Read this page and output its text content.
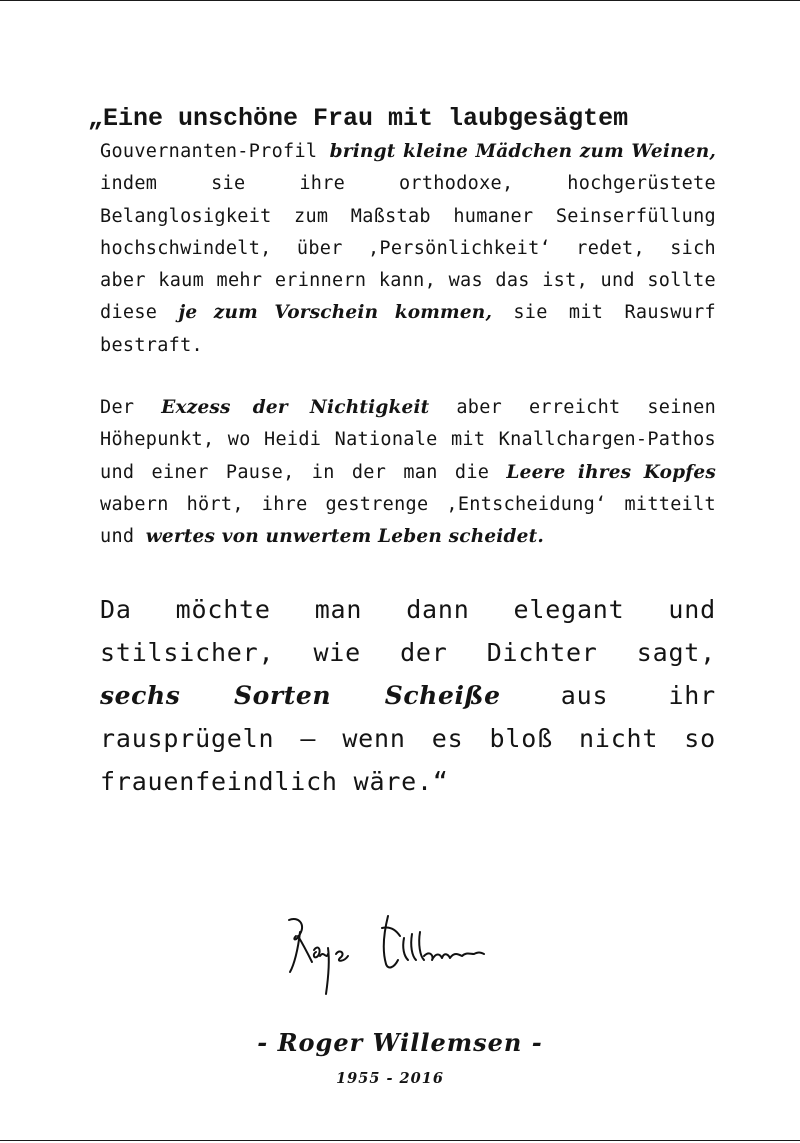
„Eine unschöne Frau mit laubgesägtem

Gouvernanten-Profil bringt kleine Mädchen zum Weinen, indem sie ihre orthodoxe, hochgerüstete Belanglosigkeit zum Maßstab humaner Seinserfüllung hochschwindelt, über ‚Persönlichkeit‘ redet, sich aber kaum mehr erinnern kann, was das ist, und sollte diese je zum Vorschein kommen, sie mit Rauswurf bestraft.

Der Exzess der Nichtigkeit aber erreicht seinen Höhepunkt, wo Heidi Nationale mit Knallchargen-Pathos und einer Pause, in der man die Leere ihres Kopfes wabern hört, ihre gestrenge ‚Entscheidung‘ mitteilt und wertes von unwertem Leben scheidet.

Da möchte man dann elegant und stilsicher, wie der Dichter sagt, sechs Sorten Scheiße aus ihr rausprügeln – wenn es bloß nicht so frauenfeindlich wäre.“

- Roger Willemsen -
1955 - 2016
